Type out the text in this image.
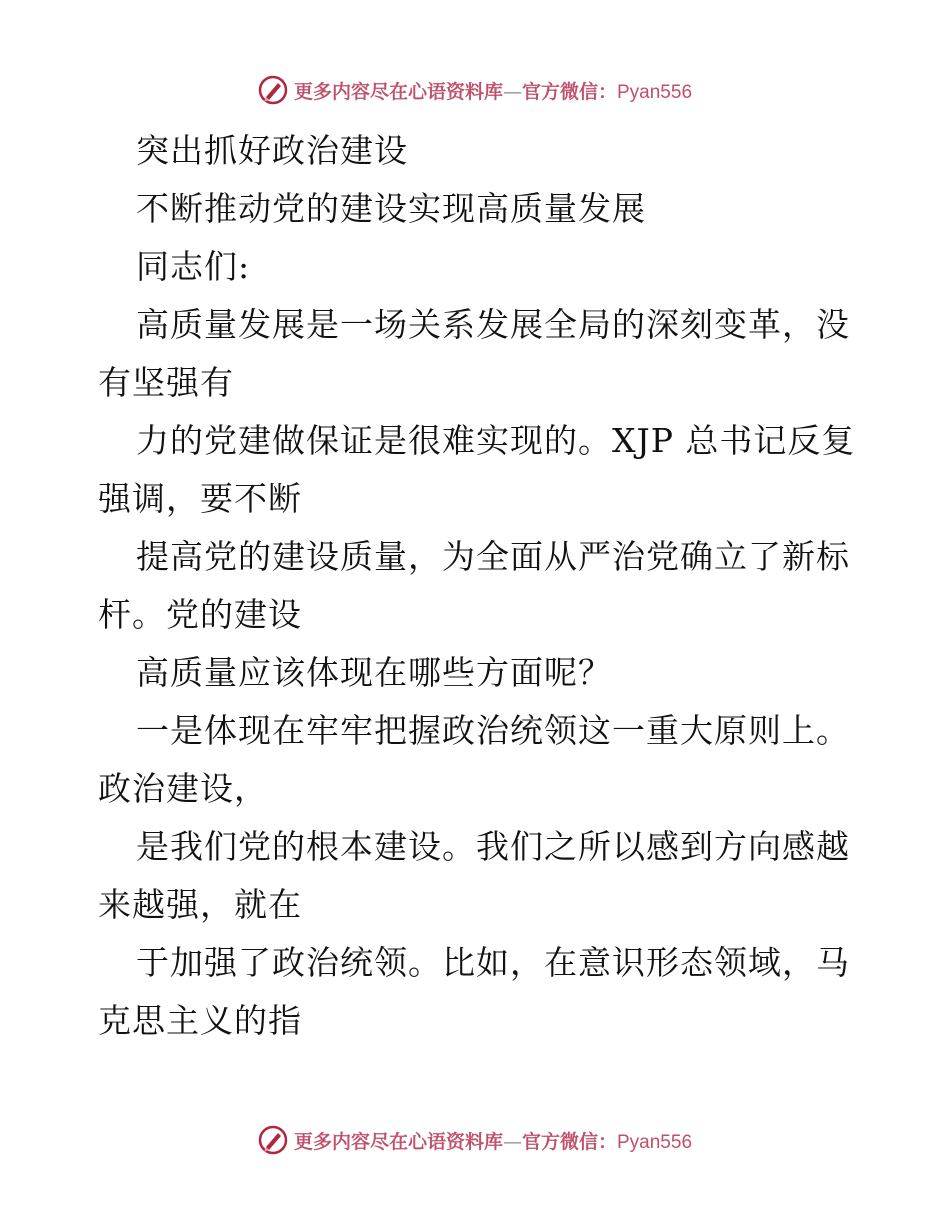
更多内容尽在心语资料库—官方微信：Pyan556
突出抓好政治建设
不断推动党的建设实现高质量发展
同志们:
高质量发展是一场关系发展全局的深刻变革，没
有坚强有
力的党建做保证是很难实现的。XJP 总书记反复
强调，要不断
提高党的建设质量，为全面从严治党确立了新标
杆。党的建设
高质量应该体现在哪些方面呢？
一是体现在牢牢把握政治统领这一重大原则上。
政治建设，
是我们党的根本建设。我们之所以感到方向感越
来越强，就在
于加强了政治统领。比如，在意识形态领域，马
克思主义的指
更多内容尽在心语资料库—官方微信：Pyan556
